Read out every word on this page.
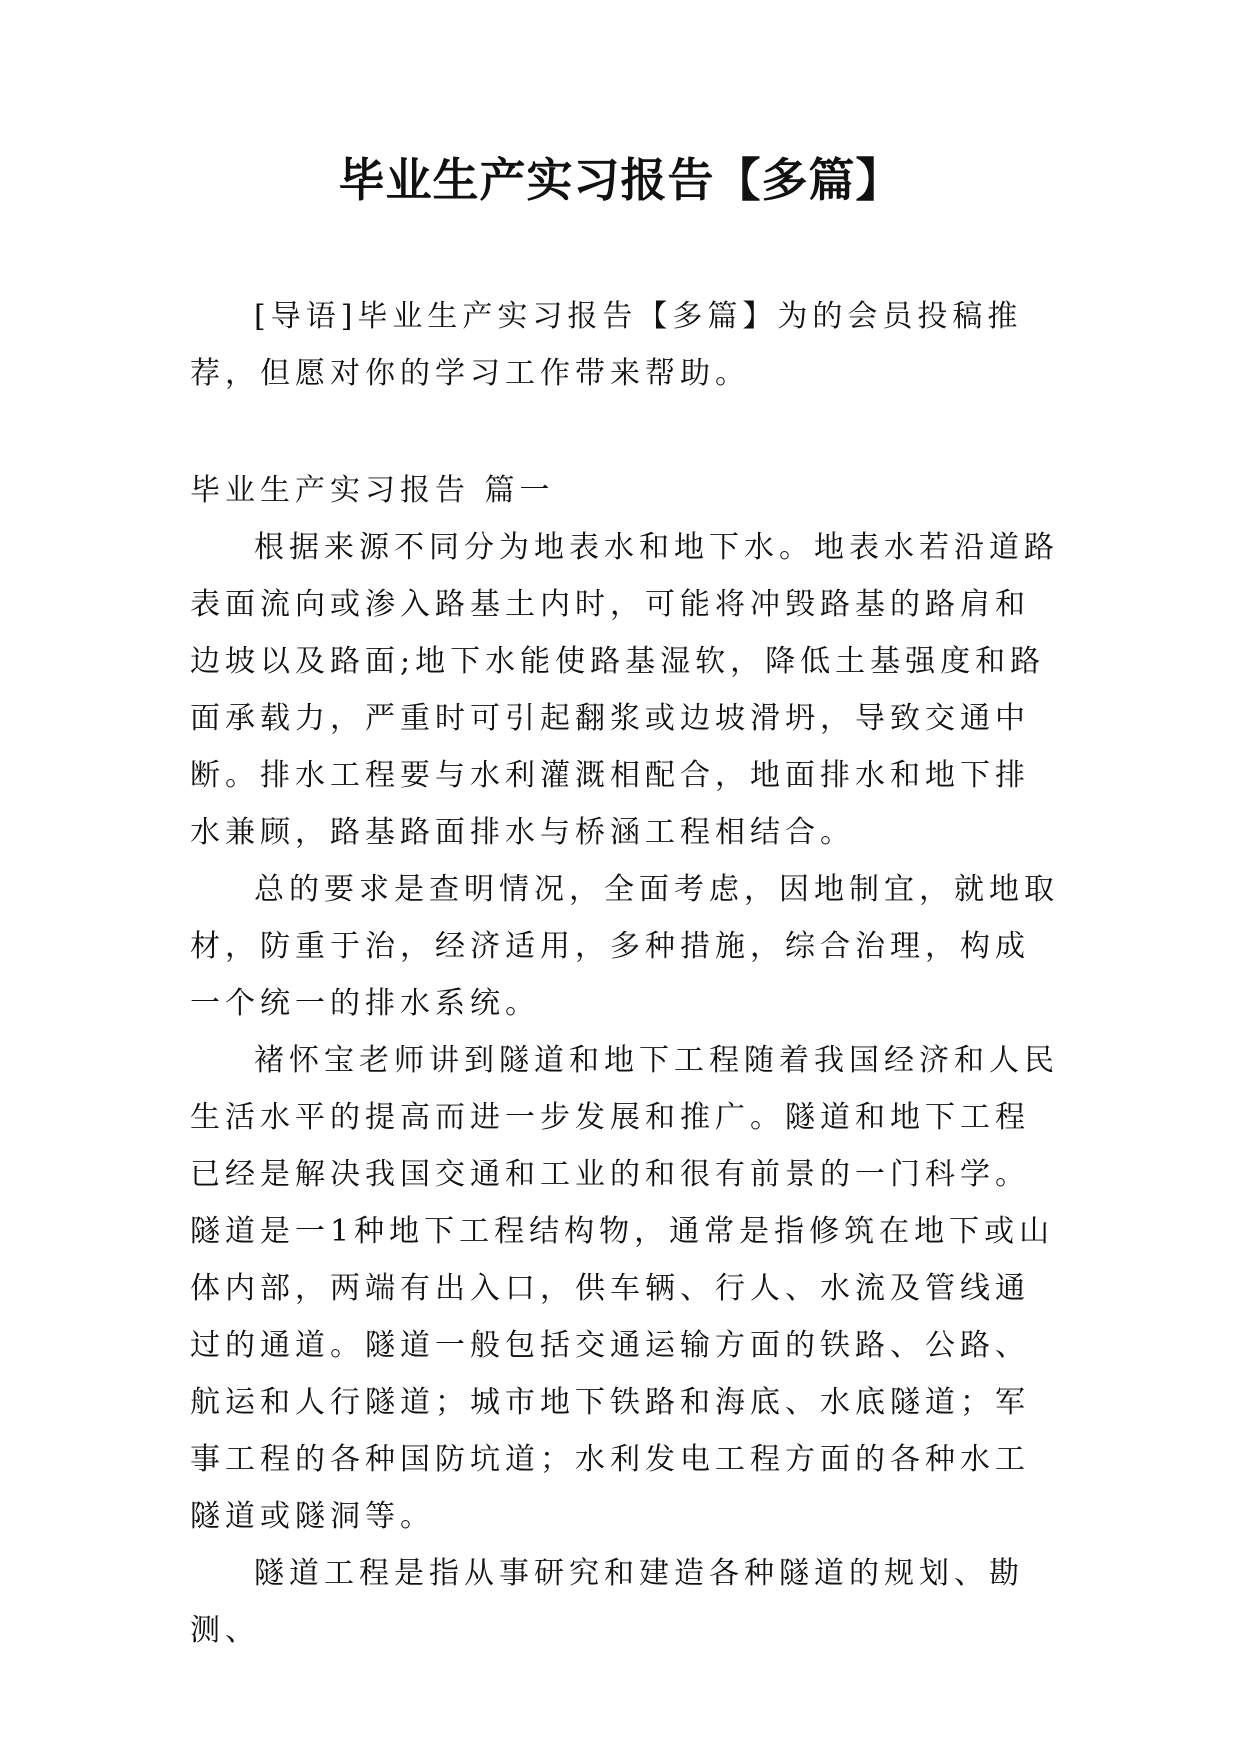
毕业生产实习报告【多篇】

[导语]毕业生产实习报告【多篇】为的会员投稿推荐，但愿对你的学习工作带来帮助。

毕业生产实习报告 篇一

根据来源不同分为地表水和地下水。地表水若沿道路表面流向或渗入路基土内时，可能将冲毁路基的路肩和边坡以及路面;地下水能使路基湿软，降低土基强度和路面承载力，严重时可引起翻浆或边坡滑坍，导致交通中断。排水工程要与水利灌溉相配合，地面排水和地下排水兼顾，路基路面排水与桥涵工程相结合。

总的要求是查明情况，全面考虑，因地制宜，就地取材，防重于治，经济适用，多种措施，综合治理，构成一个统一的排水系统。

褚怀宝老师讲到隧道和地下工程随着我国经济和人民生活水平的提高而进一步发展和推广。隧道和地下工程已经是解决我国交通和工业的和很有前景的一门科学。隧道是一1种地下工程结构物，通常是指修筑在地下或山体内部，两端有出入口，供车辆、行人、水流及管线通过的通道。隧道一般包括交通运输方面的铁路、公路、航运和人行隧道；城市地下铁路和海底、水底隧道；军事工程的各种国防坑道；水利发电工程方面的各种水工隧道或隧洞等。

隧道工程是指从事研究和建造各种隧道的规划、勘测、
